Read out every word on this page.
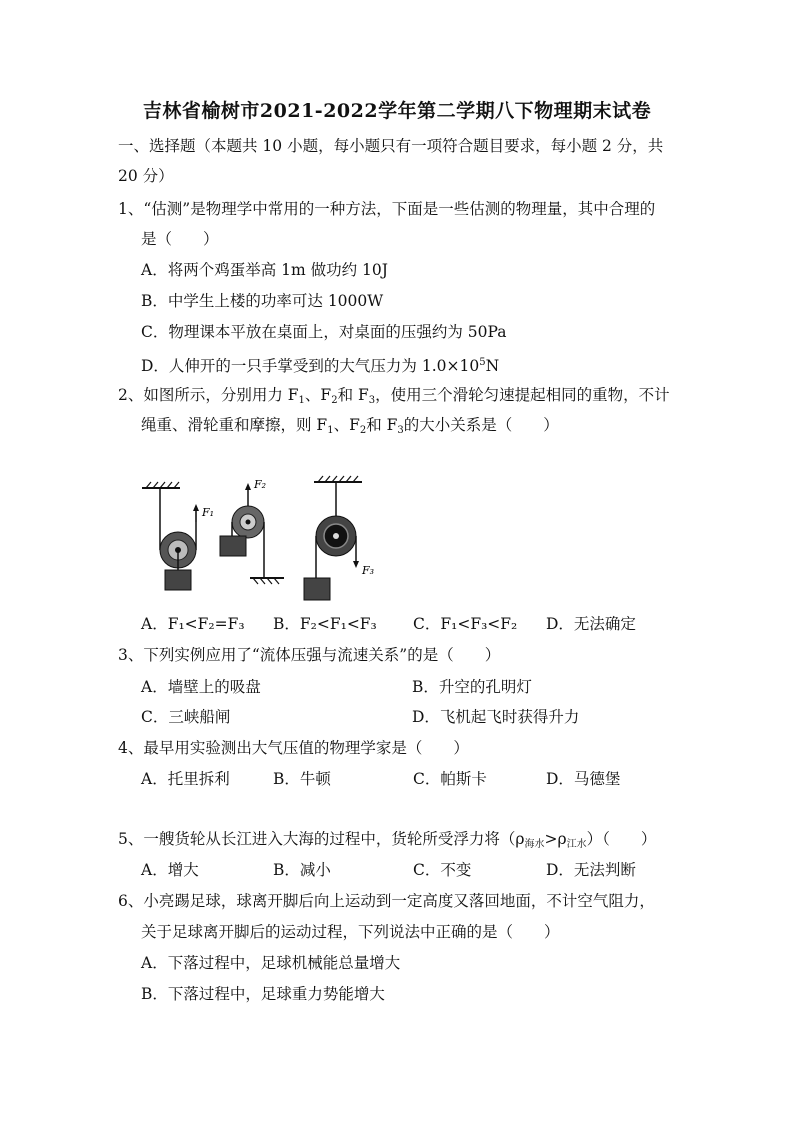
吉林省榆树市2021-2022学年第二学期八下物理期末试卷
一、选择题（本题共 10 小题，每小题只有一项符合题目要求，每小题 2 分，共
20 分）
1、“估测”是物理学中常用的一种方法，下面是一些估测的物理量，其中合理的
是（　　）
A．将两个鸡蛋举高 1m 做功约 10J
B．中学生上楼的功率可达 1000W
C．物理课本平放在桌面上，对桌面的压强约为 50Pa
D．人伸开的一只手掌受到的大气压力为 $1.0\times 10^5N$
2、如图所示，分别用力 $F_1$、$F_2$和 $F_3$，使用三个滑轮匀速提起相同的重物，不计
绳重、滑轮重和摩擦，则 $F_1$、$F_2$和 $F_3$的大小关系是（　　）
F₁
F₂
F₃
A．F₁<F₂=F₃ B．F₂<F₁<F₃ C．F₁<F₃<F₂ D．无法确定
3、下列实例应用了“流体压强与流速关系”的是（　　）
A．墙壁上的吸盘	B．升空的孔明灯
C．三峡船闸	D．飞机起飞时获得升力
4、最早用实验测出大气压值的物理学家是（　　）
A．托里拆利	B．牛顿	C．帕斯卡	D．马德堡
5、一艘货轮从长江进入大海的过程中，货轮所受浮力将$(\rho_{海水}>\rho_{江水})$（　　）
A．增大	B．减小	C．不变	D．无法判断
6、小亮踢足球，球离开脚后向上运动到一定高度又落回地面，不计空气阻力，
关于足球离开脚后的运动过程，下列说法中正确的是（　　）
A．下落过程中，足球机械能总量增大
B．下落过程中，足球重力势能增大
